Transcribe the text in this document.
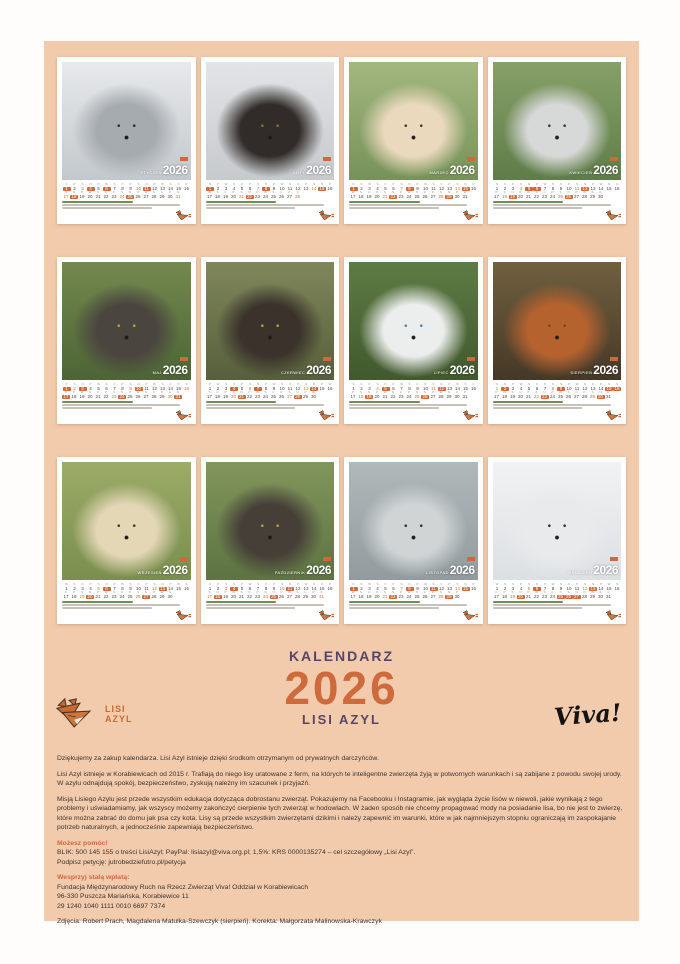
STYCZEŃ2026
C
1
P
2
S
3
N
4
P
5
W
6
Ś
7
C
8
P
9
S
10
N
11
P
12
W
13
Ś
14
C
15
P
16
S
17
N
18
P
19
W
20
Ś
21
C
22
P
23
S
24
N
25
P
26
W
27
Ś
28
C
29
P
30
S
31
LUTY2026
N
1
P
2
W
3
Ś
4
C
5
P
6
S
7
N
8
P
9
W
10
Ś
11
C
12
P
13
S
14
N
15
P
16
W
17
Ś
18
C
19
P
20
S
21
N
22
P
23
W
24
Ś
25
C
26
P
27
S
28
MARZEC2026
N
1
P
2
W
3
Ś
4
C
5
P
6
S
7
N
8
P
9
W
10
Ś
11
C
12
P
13
S
14
N
15
P
16
W
17
Ś
18
C
19
P
20
S
21
N
22
P
23
W
24
Ś
25
C
26
P
27
S
28
N
29
P
30
W
31
KWIECIEŃ2026
Ś
1
C
2
P
3
S
4
N
5
P
6
W
7
Ś
8
C
9
P
10
S
11
N
12
P
13
W
14
Ś
15
C
16
P
17
S
18
N
19
P
20
W
21
Ś
22
C
23
P
24
S
25
N
26
P
27
W
28
Ś
29
C
30
MAJ2026
P
1
S
2
N
3
P
4
W
5
Ś
6
C
7
P
8
S
9
N
10
P
11
W
12
Ś
13
C
14
P
15
S
16
N
17
P
18
W
19
Ś
20
C
21
P
22
S
23
N
24
P
25
W
26
Ś
27
C
28
P
29
S
30
N
31
CZERWIEC2026
P
1
W
2
Ś
3
C
4
P
5
S
6
N
7
P
8
W
9
Ś
10
C
11
P
12
S
13
N
14
P
15
W
16
Ś
17
C
18
P
19
S
20
N
21
P
22
W
23
Ś
24
C
25
P
26
S
27
N
28
P
29
W
30
LIPIEC2026
Ś
1
C
2
P
3
S
4
N
5
P
6
W
7
Ś
8
C
9
P
10
S
11
N
12
P
13
W
14
Ś
15
C
16
P
17
S
18
N
19
P
20
W
21
Ś
22
C
23
P
24
S
25
N
26
P
27
W
28
Ś
29
C
30
P
31
SIERPIEŃ2026
S
1
N
2
P
3
W
4
Ś
5
C
6
P
7
S
8
N
9
P
10
W
11
Ś
12
C
13
P
14
S
15
N
16
P
17
W
18
Ś
19
C
20
P
21
S
22
N
23
P
24
W
25
Ś
26
C
27
P
28
S
29
N
30
P
31
WRZESIEŃ2026
W
1
Ś
2
C
3
P
4
S
5
N
6
P
7
W
8
Ś
9
C
10
P
11
S
12
N
13
P
14
W
15
Ś
16
C
17
P
18
S
19
N
20
P
21
W
22
Ś
23
C
24
P
25
S
26
N
27
P
28
W
29
Ś
30
PAŹDZIERNIK2026
C
1
P
2
S
3
N
4
P
5
W
6
Ś
7
C
8
P
9
S
10
N
11
P
12
W
13
Ś
14
C
15
P
16
S
17
N
18
P
19
W
20
Ś
21
C
22
P
23
S
24
N
25
P
26
W
27
Ś
28
C
29
P
30
S
31
LISTOPAD2026
N
1
P
2
W
3
Ś
4
C
5
P
6
S
7
N
8
P
9
W
10
Ś
11
C
12
P
13
S
14
N
15
P
16
W
17
Ś
18
C
19
P
20
S
21
N
22
P
23
W
24
Ś
25
C
26
P
27
S
28
N
29
P
30
GRUDZIEŃ2026
W
1
Ś
2
C
3
P
4
S
5
N
6
P
7
W
8
Ś
9
C
10
P
11
S
12
N
13
P
14
W
15
Ś
16
C
17
P
18
S
19
N
20
P
21
W
22
Ś
23
C
24
P
25
S
26
N
27
P
28
W
29
Ś
30
C
31
LISI
AZYL
KALENDARZ
2026
LISI AZYL	Viva!

Dziękujemy za zakup kalendarza. Lisi Azyl istnieje dzięki środkom otrzymanym od prywatnych darczyńców.

Lisi Azyl istnieje w Korabiewicach od 2015 r. Trafiają do niego lisy uratowane z ferm, na których te inteligentne zwierzęta żyją w potwornych warunkach i są zabijane z powodu swojej urody. W azylu odnajdują spokój, bezpieczeństwo, zyskują należny im szacunek i przyjaźń.

Misją Lisiego Azylu jest przede wszystkim edukacja dotycząca dobrostanu zwierząt. Pokazujemy na Facebooku i Instagramie, jak wygląda życie lisów w niewoli, jakie wynikają z tego problemy i uświadamiamy, jak wszyscy możemy zakończyć cierpienie tych zwierząt w hodowlach. W żaden sposób nie chcemy propagować mody na posiadanie lisa, bo nie jest to zwierzę, które można zabrać do domu jak psa czy kota. Lisy są przede wszystkim zwierzętami dzikimi i należy zapewnić im warunki, które w jak najmniejszym stopniu ograniczają im zaspokajanie potrzeb naturalnych, a jednocześnie zapewniają bezpieczeństwo.

Możesz pomóc!

BLIK: 500 145 155 o treści LisiAzyl; PayPal: lisiazyl@viva.org.pl; 1,5%: KRS 0000135274 – cel szczegółowy „Lisi Azyl”.

Podpisz petycję: jutrobedziefutro.pl/petycja

Wesprzyj stałą wpłatą:

Fundacja Międzynarodowy Ruch na Rzecz Zwierząt Viva! Oddział w Korabiewicach

96-330 Puszcza Mariańska, Korabiewice 11

29 1240 1040 1111 0010 6697 7374

Zdjęcia: Robert Prach, Magdalena Matulka-Szewczyk (sierpień). Korekta: Małgorzata Malinowska-Krawczyk
